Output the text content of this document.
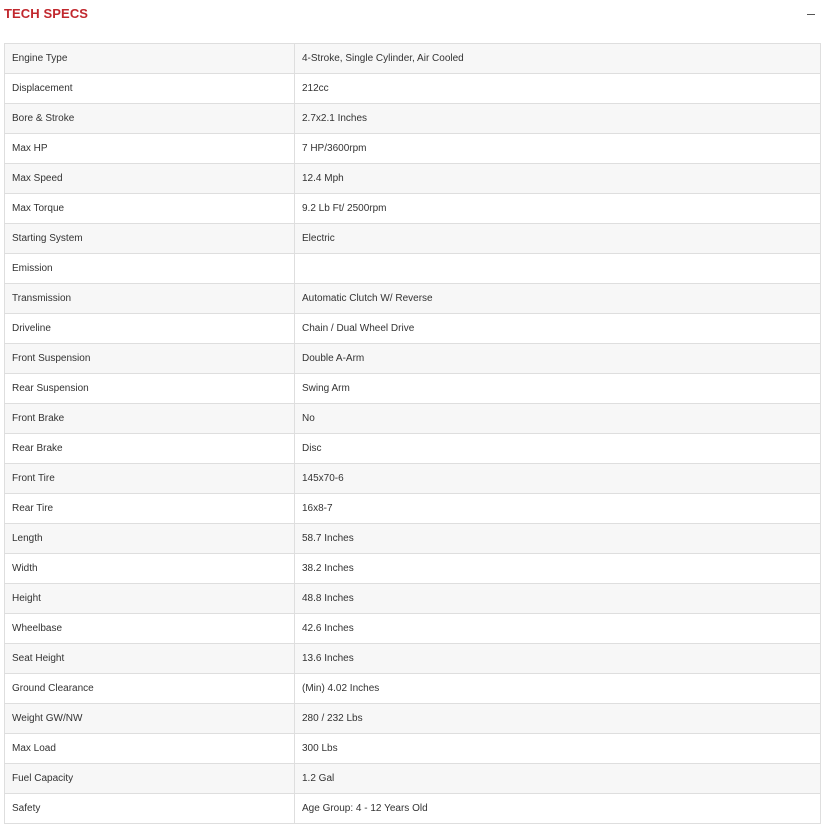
TECH SPECS
Engine Type	4-Stroke, Single Cylinder, Air Cooled
Displacement	212cc
Bore & Stroke	2.7x2.1 Inches
Max HP	7 HP/3600rpm
Max Speed	12.4 Mph
Max Torque	9.2 Lb Ft/ 2500rpm
Starting System	Electric
Emission	
Transmission	Automatic Clutch W/ Reverse
Driveline	Chain / Dual Wheel Drive
Front Suspension	Double A-Arm
Rear Suspension	Swing Arm
Front Brake	No
Rear Brake	Disc
Front Tire	145x70-6
Rear Tire	16x8-7
Length	58.7 Inches
Width	38.2 Inches
Height	48.8 Inches
Wheelbase	42.6 Inches
Seat Height	13.6 Inches
Ground Clearance	(Min) 4.02 Inches
Weight GW/NW	280 / 232 Lbs
Max Load	300 Lbs
Fuel Capacity	1.2 Gal
Safety	Age Group: 4 - 12 Years Old
